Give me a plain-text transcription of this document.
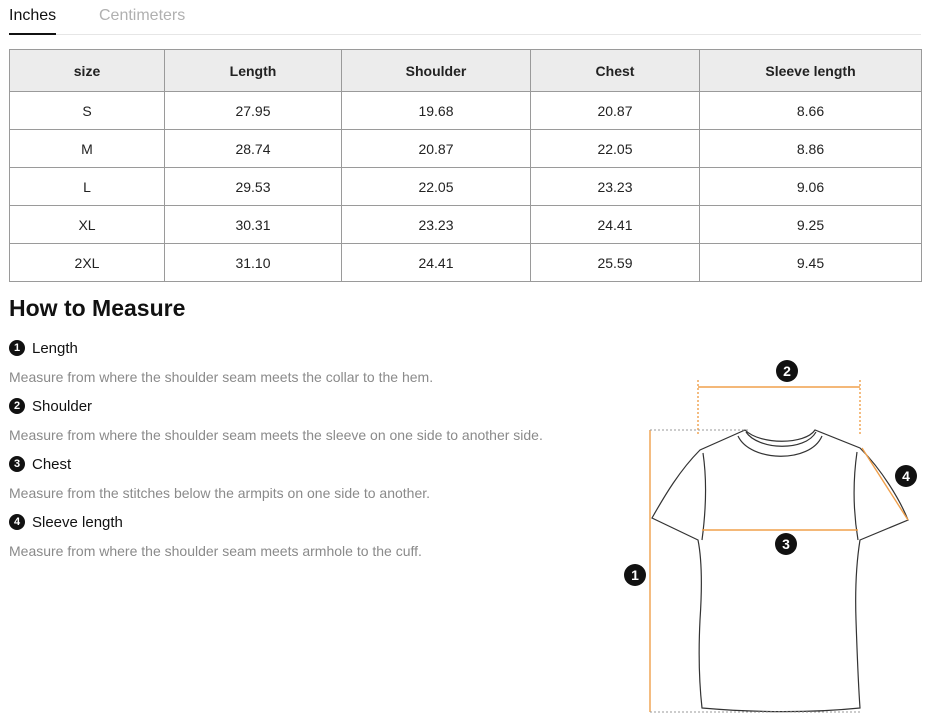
Inches	Centimeters
size	Length	Shoulder	Chest	Sleeve length
S	27.95	19.68	20.87	8.66
M	28.74	20.87	22.05	8.86
L	29.53	22.05	23.23	9.06
XL	30.31	23.23	24.41	9.25
2XL	31.10	24.41	25.59	9.45
How to Measure
1 Length
Measure from where the shoulder seam meets the collar to the hem.
2 Shoulder
Measure from where the shoulder seam meets the sleeve on one side to another side.
3 Chest
Measure from the stitches below the armpits on one side to another.
4 Sleeve length
Measure from where the shoulder seam meets armhole to the cuff.
2
4
3
1
